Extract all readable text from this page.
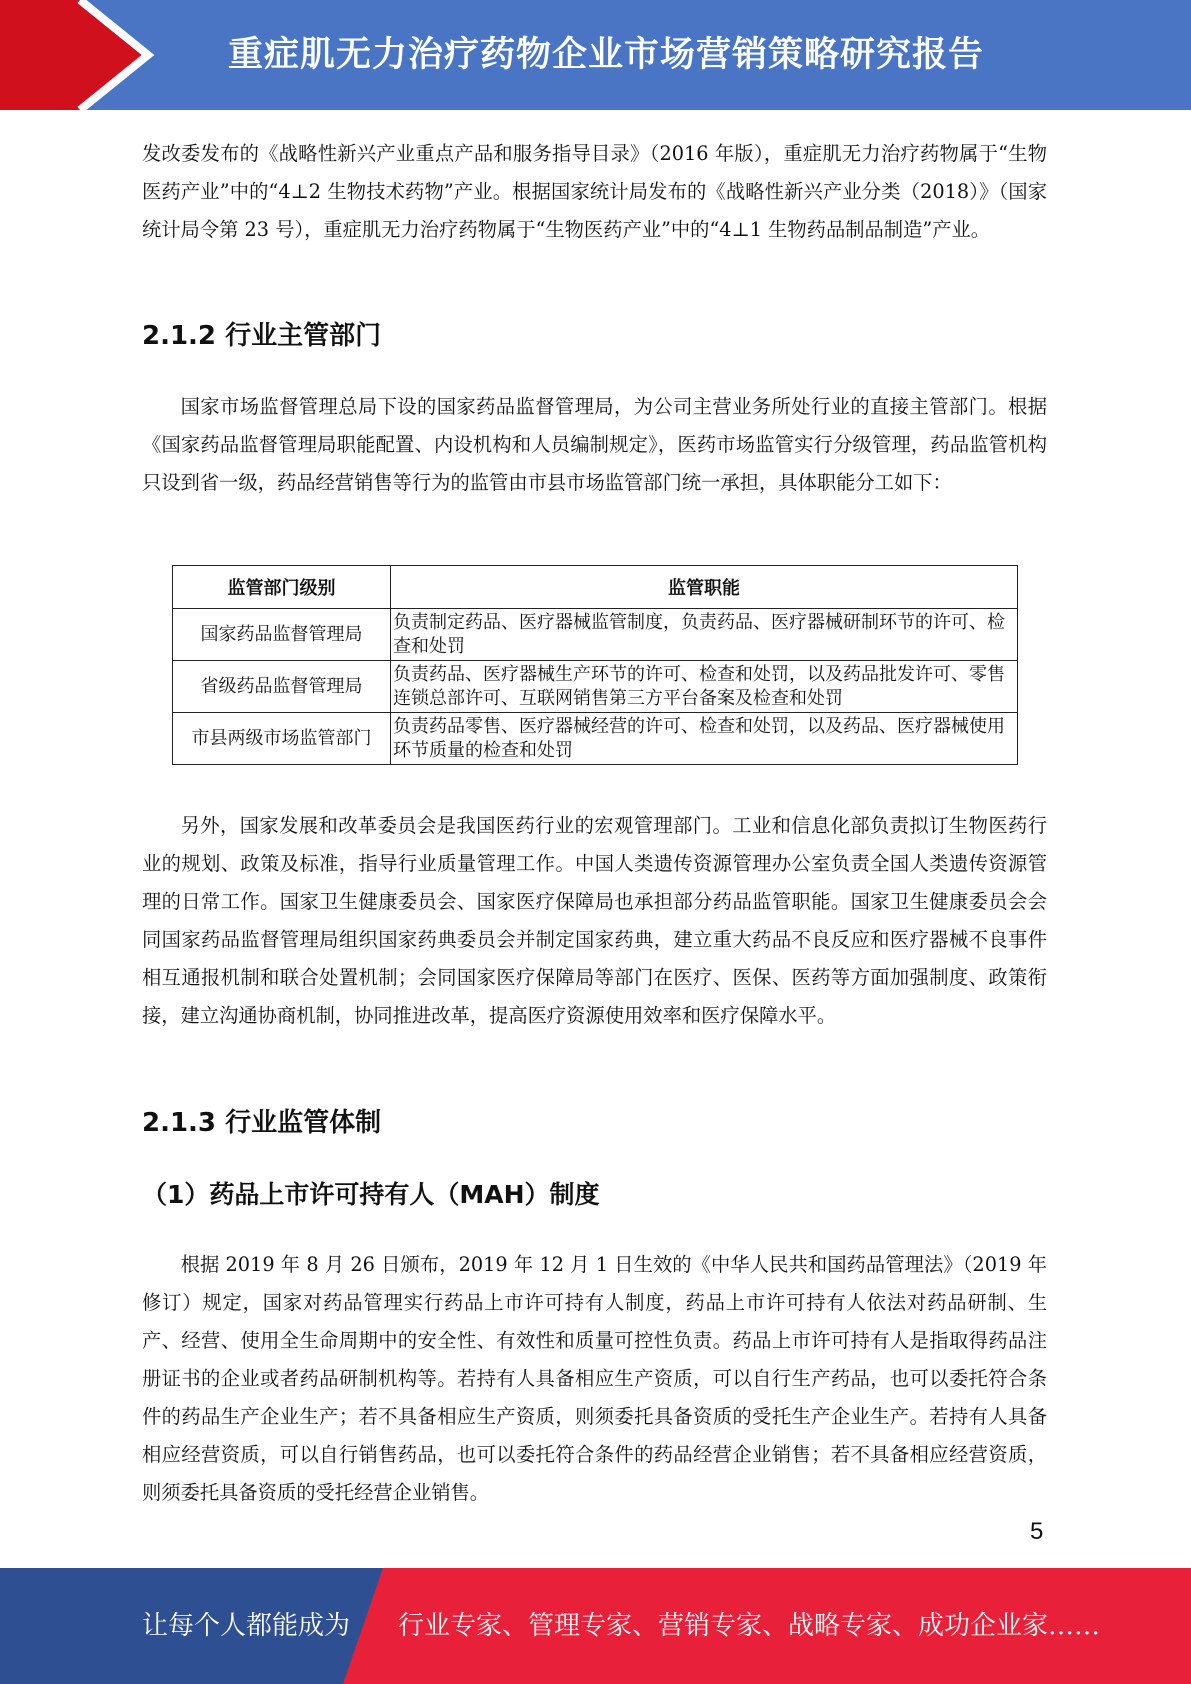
重症肌无力治疗药物企业市场营销策略研究报告
发改委发布的《战略性新兴产业重点产品和服务指导目录》（2016 年版），重症肌无力治疗药物属于“生物医药产业”中的“4⊥2 生物技术药物”产业。根据国家统计局发布的《战略性新兴产业分类（2018）》（国家统计局令第 23 号），重症肌无力治疗药物属于“生物医药产业”中的“4⊥1 生物药品制品制造”产业。
2.1.2 行业主管部门
国家市场监督管理总局下设的国家药品监督管理局，为公司主营业务所处行业的直接主管部门。根据《国家药品监督管理局职能配置、内设机构和人员编制规定》，医药市场监管实行分级管理，药品监管机构只设到省一级，药品经营销售等行为的监管由市县市场监管部门统一承担，具体职能分工如下：
监管部门级别	监管职能
国家药品监督管理局	负责制定药品、医疗器械监管制度，负责药品、医疗器械研制环节的许可、检查和处罚
省级药品监督管理局	负责药品、医疗器械生产环节的许可、检查和处罚，以及药品批发许可、零售连锁总部许可、互联网销售第三方平台备案及检查和处罚
市县两级市场监管部门	负责药品零售、医疗器械经营的许可、检查和处罚，以及药品、医疗器械使用环节质量的检查和处罚
另外，国家发展和改革委员会是我国医药行业的宏观管理部门。工业和信息化部负责拟订生物医药行业的规划、政策及标准，指导行业质量管理工作。中国人类遗传资源管理办公室负责全国人类遗传资源管理的日常工作。国家卫生健康委员会、国家医疗保障局也承担部分药品监管职能。国家卫生健康委员会会同国家药品监督管理局组织国家药典委员会并制定国家药典，建立重大药品不良反应和医疗器械不良事件相互通报机制和联合处置机制；会同国家医疗保障局等部门在医疗、医保、医药等方面加强制度、政策衔接，建立沟通协商机制，协同推进改革，提高医疗资源使用效率和医疗保障水平。
2.1.3 行业监管体制
（1）药品上市许可持有人（MAH）制度
根据 2019 年 8 月 26 日颁布，2019 年 12 月 1 日生效的《中华人民共和国药品管理法》（2019 年修订）规定，国家对药品管理实行药品上市许可持有人制度，药品上市许可持有人依法对药品研制、生产、经营、使用全生命周期中的安全性、有效性和质量可控性负责。药品上市许可持有人是指取得药品注册证书的企业或者药品研制机构等。若持有人具备相应生产资质，可以自行生产药品，也可以委托符合条件的药品生产企业生产；若不具备相应生产资质，则须委托具备资质的受托生产企业生产。若持有人具备相应经营资质，可以自行销售药品，也可以委托符合条件的药品经营企业销售；若不具备相应经营资质，则须委托具备资质的受托经营企业销售。
5
让每个人都能成为 行业专家、管理专家、营销专家、战略专家、成功企业家……
